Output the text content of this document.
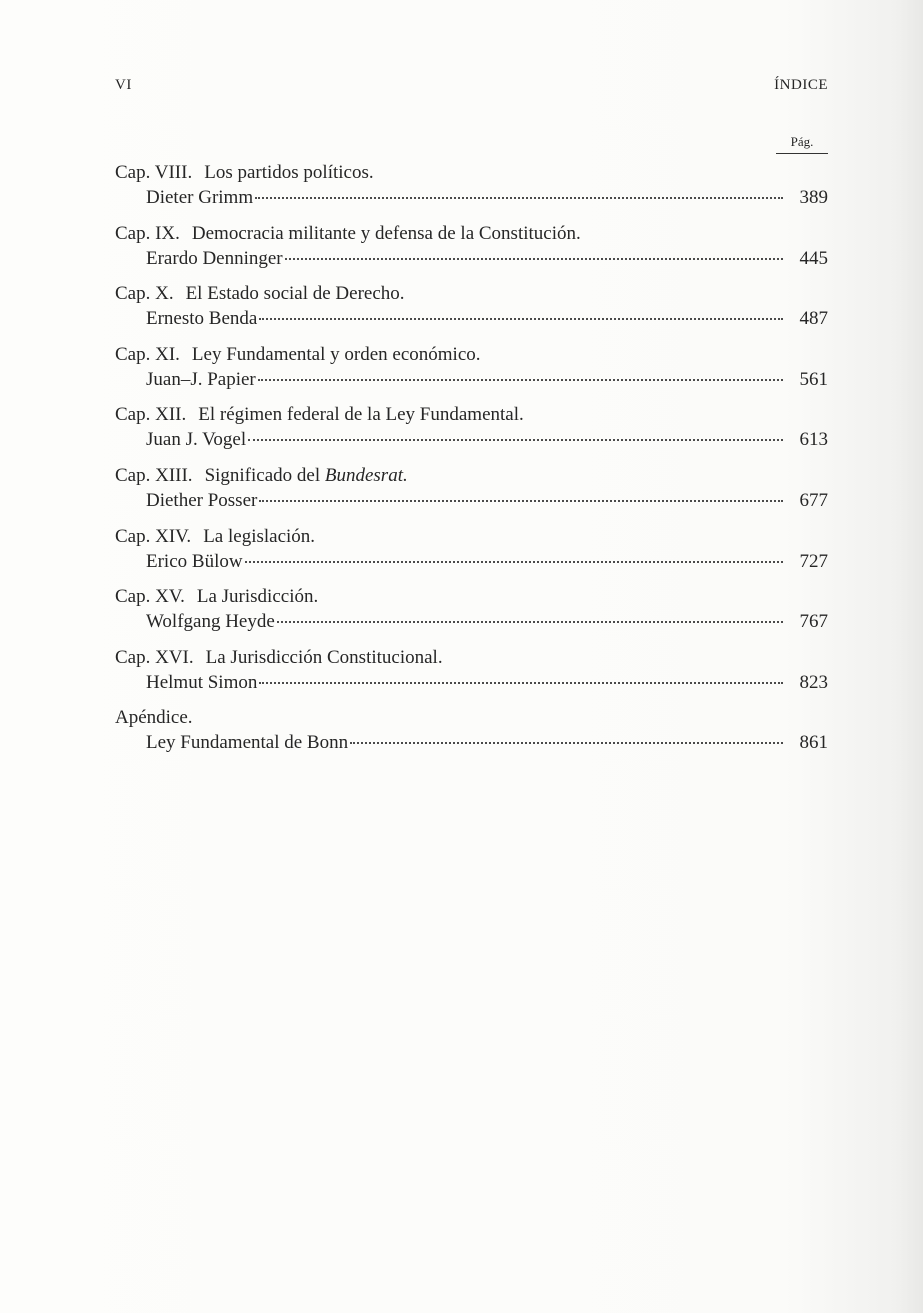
VI	ÍNDICE
Pág.
Cap. VIII. Los partidos políticos.
Dieter Grimm	389
Cap. IX. Democracia militante y defensa de la Constitución.
Erardo Denninger	445
Cap. X. El Estado social de Derecho.
Ernesto Benda	487
Cap. XI. Ley Fundamental y orden económico.
Juan–J. Papier	561
Cap. XII. El régimen federal de la Ley Fundamental.
Juan J. Vogel	613
Cap. XIII. Significado del Bundesrat.
Diether Posser	677
Cap. XIV. La legislación.
Erico Bülow	727
Cap. XV. La Jurisdicción.
Wolfgang Heyde	767
Cap. XVI. La Jurisdicción Constitucional.
Helmut Simon	823
Apéndice.
Ley Fundamental de Bonn	861
